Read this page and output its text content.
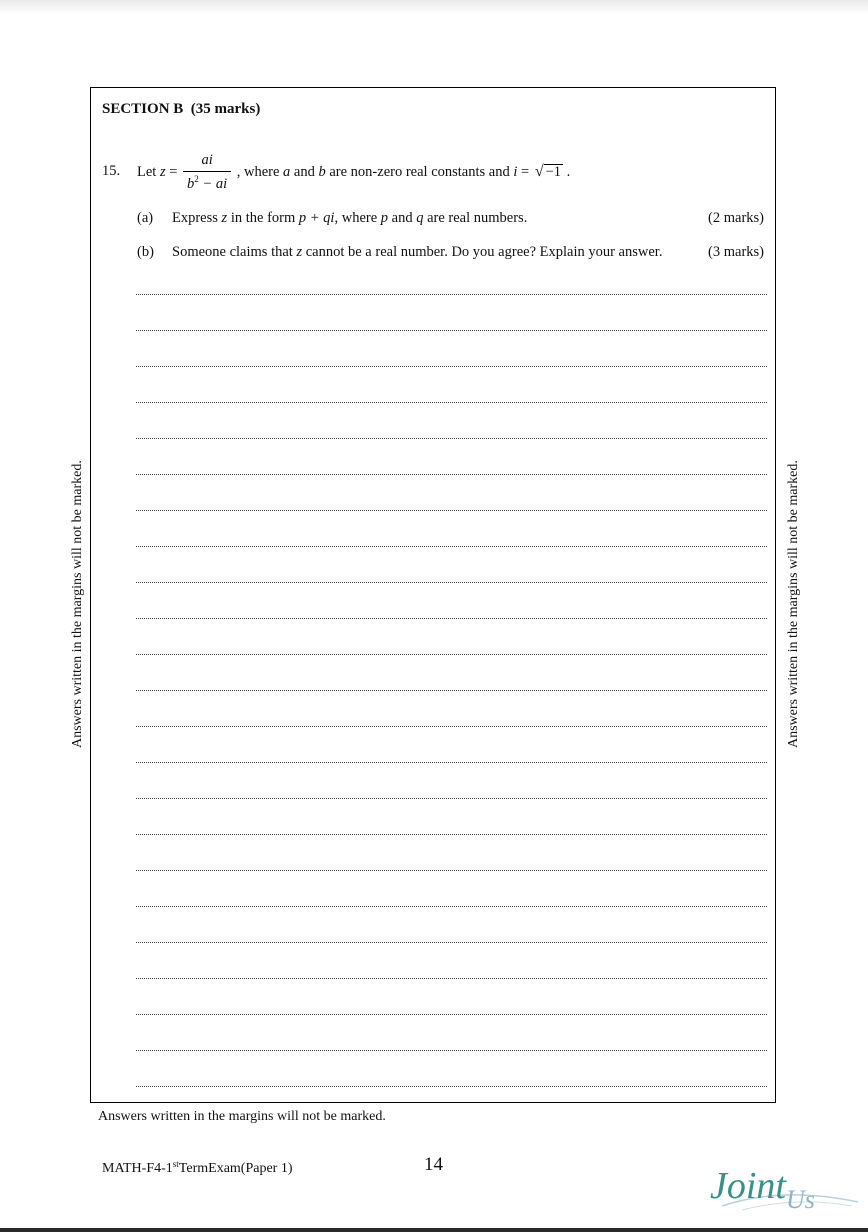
SECTION B  (35 marks)
15. Let $z = \frac{ai}{b^2 - ai}$ , where a and b are non-zero real constants and i = √ −1 .
(a) Express z in the form p + qi, where p and q are real numbers.	(2 marks)
(b) Someone claims that z cannot be a real number. Do you agree? Explain your answer.	(3 marks)
Answers written in the margins will not be marked.	Answers written in the margins will not be marked.
Answers written in the margins will not be marked.
MATH-F4-1stTermExam(Paper 1)	14
Joint Us
